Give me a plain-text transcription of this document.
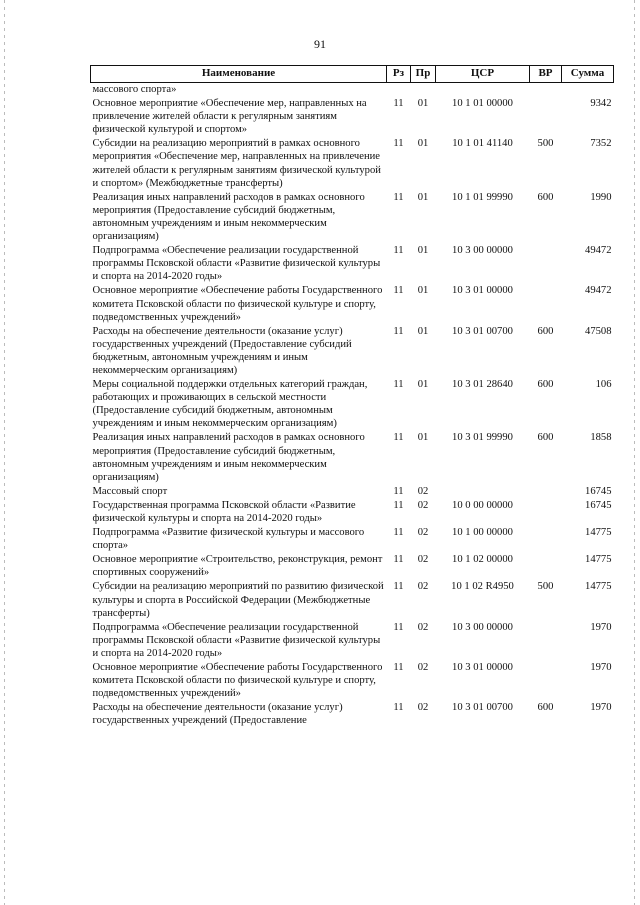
91
Наименование	Рз	Пр	ЦСР	ВР	Сумма
массового спорта»					
Основное мероприятие «Обеспечение мер, направленных на привлечение жителей области к регулярным занятиям физической культурой и спортом»	11	01	10 1 01 00000		9342
Субсидии на реализацию мероприятий в рамках основного мероприятия «Обеспечение мер, направленных на привлечение жителей области к регулярным занятиям физической культурой и спортом» (Межбюджетные трансферты)	11	01	10 1 01 41140	500	7352
Реализация иных направлений расходов в рамках основного мероприятия (Предоставление субсидий бюджетным, автономным учреждениям и иным некоммерческим организациям)	11	01	10 1 01 99990	600	1990
Подпрограмма «Обеспечение реализации государственной программы Псковской области «Развитие физической культуры и спорта на 2014-2020 годы»	11	01	10 3 00 00000		49472
Основное мероприятие «Обеспечение работы Государственного комитета Псковской области по физической культуре и спорту, подведомственных учреждений»	11	01	10 3 01 00000		49472
Расходы на обеспечение деятельности (оказание услуг) государственных учреждений (Предоставление субсидий бюджетным, автономным учреждениям и иным некоммерческим организациям)	11	01	10 3 01 00700	600	47508
Меры социальной поддержки отдельных категорий граждан, работающих и проживающих в сельской местности (Предоставление субсидий бюджетным, автономным учреждениям и иным некоммерческим организациям)	11	01	10 3 01 28640	600	106
Реализация иных направлений расходов в рамках основного мероприятия (Предоставление субсидий бюджетным, автономным учреждениям и иным некоммерческим организациям)	11	01	10 3 01 99990	600	1858
Массовый спорт	11	02			16745
Государственная программа Псковской области «Развитие физической культуры и спорта на 2014-2020 годы»	11	02	10 0 00 00000		16745
Подпрограмма «Развитие физической культуры и массового спорта»	11	02	10 1 00 00000		14775
Основное мероприятие «Строительство, реконструкция, ремонт спортивных сооружений»	11	02	10 1 02 00000		14775
Субсидии на реализацию мероприятий по развитию физической культуры и спорта в Российской Федерации (Межбюджетные трансферты)	11	02	10 1 02 R4950	500	14775
Подпрограмма «Обеспечение реализации государственной программы Псковской области «Развитие физической культуры и спорта на 2014-2020 годы»	11	02	10 3 00 00000		1970
Основное мероприятие «Обеспечение работы Государственного комитета Псковской области по физической культуре и спорту, подведомственных учреждений»	11	02	10 3 01 00000		1970
Расходы на обеспечение деятельности (оказание услуг) государственных учреждений (Предоставление	11	02	10 3 01 00700	600	1970
